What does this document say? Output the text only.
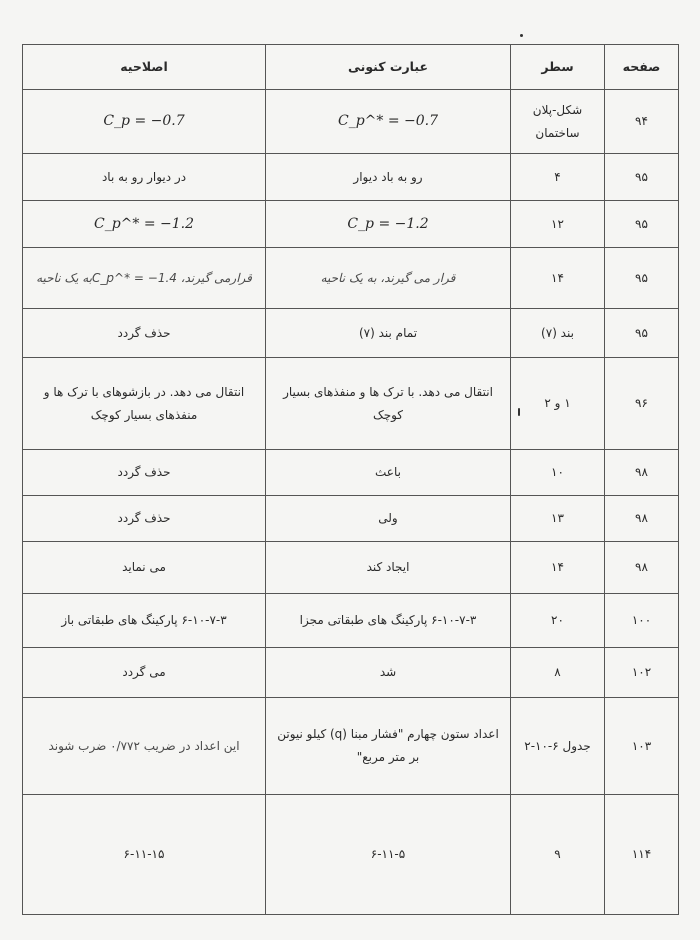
صفحه	سطر	عبارت کنونی	اصلاحیه
۹۴	شکل-پلان ساختمان	C_p^* = −0.7	C_p = −0.7
۹۵	۴	رو به باد دیوار	در دیوار رو به باد
۹۵	۱۲	C_p = −1.2	C_p^* = −1.2
۹۵	۱۴	قرار می گیرند، به یک ناحیه	قرارمی گیرند، C_p^* = −1.4به یک ناحیه
۹۵	بند (۷)	تمام بند (۷)	حذف گردد
۹۶	۱ و ۲	انتقال می دهد. با ترک ها و منفذهای بسیار کوچک	انتقال می دهد. در بازشوهای با ترک ها و منفذهای بسیار کوچک
۹۸	۱۰	باعث	حذف گردد
۹۸	۱۳	ولی	حذف گردد
۹۸	۱۴	ایجاد کند	می نماید
۱۰۰	۲۰	۶-۱۰-۷-۳ پارکینگ های طبقاتی مجزا	۶-۱۰-۷-۳ پارکینگ های طبقاتی باز
۱۰۲	۸	شد	می گردد
۱۰۳	جدول ۶-۱۰-۲	اعداد ستون چهارم "فشار مبنا (q) کیلو نیوتن بر متر مربع"	این اعداد در ضریب ۰/۷۷۲ ضرب شوند
۱۱۴	۹	۶-۱۱-۵	۶-۱۱-۱۵
